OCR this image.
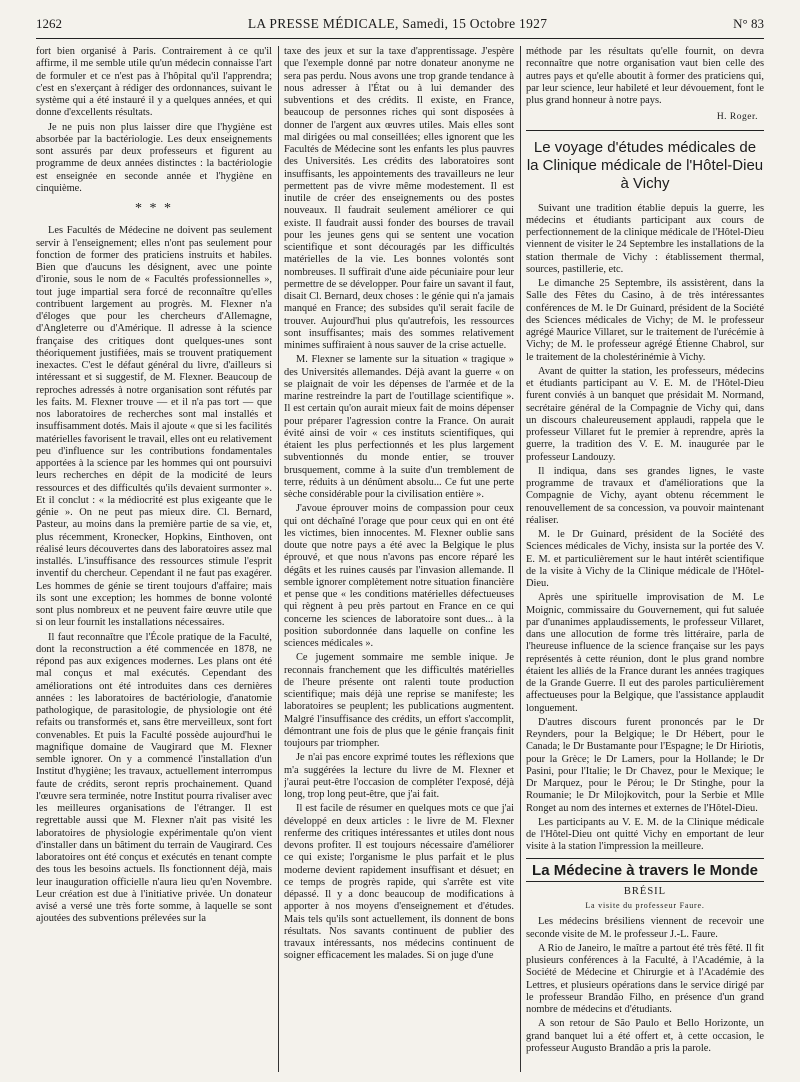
1262	LA PRESSE MÉDICALE, Samedi, 15 Octobre 1927	N° 83

fort bien organisé à Paris. Contrairement à ce qu'il affirme, il me semble utile qu'un médecin connaisse l'art de formuler et ce n'est pas à l'hôpital qu'il l'apprendra; c'est en s'exerçant à rédiger des ordonnances, suivant le système qui a été instauré il y a quelques années, et qui donne d'excellents résultats.

Je ne puis non plus laisser dire que l'hygiène est absorbée par la bactériologie. Les deux enseignements sont assurés par deux professeurs et figurent au programme de deux années distinctes : la bactériologie est enseignée en seconde année et l'hygiène en cinquième.

* * *

Les Facultés de Médecine ne doivent pas seulement servir à l'enseignement; elles n'ont pas seulement pour fonction de former des praticiens instruits et habiles. Bien que d'aucuns les désignent, avec une pointe d'ironie, sous le nom de « Facultés professionnelles », tout juge impartial sera forcé de reconnaître qu'elles contribuent largement au progrès. M. Flexner n'a d'éloges que pour les chercheurs d'Allemagne, d'Angleterre ou d'Amérique. Il adresse à la science française des critiques dont quelques-unes sont théoriquement justifiées, mais se trouvent pratiquement inexactes. C'est le défaut général du livre, d'ailleurs si intéressant et si suggestif, de M. Flexner. Beaucoup de reproches adressés à notre organisation sont réfutés par les faits. M. Flexner trouve — et il n'a pas tort — que nos laboratoires de recherches sont mal installés et insuffisamment dotés. Mais il ajoute « que si les facilités matérielles favorisent le travail, elles ont eu relativement peu d'influence sur les contributions fondamentales apportées à la science par les hommes qui ont poursuivi leurs recherches en dépit de la modicité de leurs ressources et des difficultés qu'ils devaient surmonter ». Et il conclut : « la médiocrité est plus exigeante que le génie ». On ne peut pas mieux dire. Cl. Bernard, Pasteur, au moins dans la première partie de sa vie, et, plus récemment, Kronecker, Hopkins, Einthoven, ont réalisé leurs découvertes dans des laboratoires assez mal installés. L'insuffisance des ressources stimule l'esprit inventif du chercheur. Cependant il ne faut pas exagérer. Les hommes de génie se tirent toujours d'affaire; mais ils sont une exception; les hommes de bonne volonté sont plus nombreux et ne peuvent faire œuvre utile que si on leur fournit les installations nécessaires.

Il faut reconnaître que l'École pratique de la Faculté, dont la reconstruction a été commencée en 1878, ne répond pas aux exigences modernes. Les plans ont été mal conçus et mal exécutés. Cependant des améliorations ont été introduites dans ces dernières années : les laboratoires de bactériologie, d'anatomie pathologique, de parasitologie, de physiologie ont été refaits ou transformés et, sans être merveilleux, sont fort convenables. Et puis la Faculté possède aujourd'hui le magnifique domaine de Vaugirard que M. Flexner semble ignorer. On y a commencé l'installation d'un Institut d'hygiène; les travaux, actuellement interrompus faute de crédits, seront repris prochainement. Quand l'œuvre sera terminée, notre Institut pourra rivaliser avec les meilleures organisations de l'étranger. Il est regrettable aussi que M. Flexner n'ait pas visité les laboratoires de physiologie expérimentale qu'on vient d'installer dans un bâtiment du terrain de Vaugirard. Ces laboratoires ont été conçus et exécutés en tenant compte des tous les besoins actuels. Ils fonctionnent déjà, mais leur inauguration officielle n'aura lieu qu'en Novembre. Leur création est due à l'initiative privée. Un donateur avisé a versé une très forte somme, à laquelle se sont ajoutées des subventions prélevées sur la

taxe des jeux et sur la taxe d'apprentissage. J'espère que l'exemple donné par notre donateur anonyme ne sera pas perdu. Nous avons une trop grande tendance à nous adresser à l'État ou à lui demander des subventions et des crédits. Il existe, en France, beaucoup de personnes riches qui sont disposées à donner de l'argent aux œuvres utiles. Mais elles sont mal dirigées ou mal conseillées; elles ignorent que les Facultés de Médecine sont les enfants les plus pauvres des Universités. Les crédits des laboratoires sont insuffisants, les appointements des travailleurs ne leur permettent pas de vivre même modestement. Il est inutile de créer des enseignements ou des postes nouveaux. Il faudrait seulement améliorer ce qui existe. Il faudrait aussi fonder des bourses de travail pour les jeunes gens qui se sentent une vocation scientifique et sont découragés par les difficultés matérielles de la vie. Les bonnes volontés sont nombreuses. Il suffirait d'une aide pécuniaire pour leur permettre de se développer. Pour faire un savant il faut, disait Cl. Bernard, deux choses : le génie qui n'a jamais manqué en France; des subsides qu'il serait facile de trouver. Aujourd'hui plus qu'autrefois, les ressources sont insuffisantes; mais des sommes relativement minimes suffiraient à nous sauver de la crise actuelle.

M. Flexner se lamente sur la situation « tragique » des Universités allemandes. Déjà avant la guerre « on se plaignait de voir les dépenses de l'armée et de la marine restreindre la part de l'outillage scientifique ». Il est certain qu'on aurait mieux fait de moins dépenser pour préparer l'agression contre la France. On aurait évité ainsi de voir « ces instituts scientifiques, qui étaient les plus perfectionnés et les plus largement subventionnés du monde entier, se trouver brusquement, comme à la suite d'un tremblement de terre, réduits à un dénûment absolu... Ce fut une perte sèche considérable pour la civilisation entière ».

J'avoue éprouver moins de compassion pour ceux qui ont déchaîné l'orage que pour ceux qui en ont été les victimes, bien innocentes. M. Flexner oublie sans doute que notre pays a été avec la Belgique le plus éprouvé, et que nous n'avons pas encore réparé les dégâts et les ruines causés par l'invasion allemande. Il semble ignorer complètement notre situation financière et pense que « les conditions matérielles défectueuses qui règnent à peu près partout en France en ce qui concerne les sciences de laboratoire sont dues... à la position subordonnée dans laquelle on confine les sciences médicales ».

Ce jugement sommaire me semble inique. Je reconnais franchement que les difficultés matérielles de l'heure présente ont ralenti toute production scientifique; mais déjà une reprise se manifeste; les laboratoires se peuplent; les publications augmentent. Malgré l'insuffisance des crédits, un effort s'accomplit, démontrant une fois de plus que le génie français finit toujours par triompher.

Je n'ai pas encore exprimé toutes les réflexions que m'a suggérées la lecture du livre de M. Flexner et j'aurai peut-être l'occasion de compléter l'exposé, déjà long, trop long peut-être, que j'ai fait.

Il est facile de résumer en quelques mots ce que j'ai développé en deux articles : le livre de M. Flexner renferme des critiques intéressantes et utiles dont nous devons profiter. Il est toujours nécessaire d'améliorer ce qui existe; l'organisme le plus parfait et le plus moderne devient rapidement insuffisant et désuet; en ce temps de progrès rapide, qui s'arrête est vite dépassé. Il y a donc beaucoup de modifications à apporter à nos moyens d'enseignement et d'études. Mais tels qu'ils sont actuellement, ils donnent de bons résultats. Nos savants continuent de publier des travaux intéressants, nos médecins continuent de soigner efficacement les malades. Si on juge d'une

méthode par les résultats qu'elle fournit, on devra reconnaître que notre organisation vaut bien celle des autres pays et qu'elle aboutit à former des praticiens qui, par leur science, leur habileté et leur dévouement, font le plus grand honneur à notre pays.

H. Roger.
Le voyage d'études médicales de la Clinique médicale de l'Hôtel-Dieu à Vichy

Suivant une tradition établie depuis la guerre, les médecins et étudiants participant aux cours de perfectionnement de la clinique médicale de l'Hôtel-Dieu viennent de visiter le 24 Septembre les installations de la station thermale de Vichy : établissement thermal, sources, pastillerie, etc.

Le dimanche 25 Septembre, ils assistèrent, dans la Salle des Fêtes du Casino, à de très intéressantes conférences de M. le Dr Guinard, président de la Société des Sciences médicales de Vichy; de M. le professeur agrégé Maurice Villaret, sur le traitement de l'urécémie à Vichy; de M. le professeur agrégé Étienne Chabrol, sur le traitement de la cholestérinémie à Vichy.

Avant de quitter la station, les professeurs, médecins et étudiants participant au V. E. M. de l'Hôtel-Dieu furent conviés à un banquet que présidait M. Normand, secrétaire général de la Compagnie de Vichy qui, dans un discours chaleureusement applaudi, rappela que le professeur Villaret fut le premier à reprendre, après la guerre, la tradition des V. E. M. inaugurée par le professeur Landouzy.

Il indiqua, dans ses grandes lignes, le vaste programme de travaux et d'améliorations que la Compagnie de Vichy, ayant obtenu récemment le renouvellement de sa concession, va pouvoir maintenant réaliser.

M. le Dr Guinard, président de la Société des Sciences médicales de Vichy, insista sur la portée des V. E. M. et particulièrement sur le haut intérêt scientifique de la visite à Vichy de la Clinique médicale de l'Hôtel-Dieu.

Après une spirituelle improvisation de M. Le Moignic, commissaire du Gouvernement, qui fut saluée par d'unanimes applaudissements, le professeur Villaret, dans une allocution de forme très littéraire, parla de l'heureuse influence de la science française sur les pays représentés à cette réunion, dont le plus grand nombre étaient les alliés de la France durant les années tragiques de la Grande Guerre. Il eut des paroles particulièrement affectueuses pour la Belgique, que l'assistance applaudit longuement.

D'autres discours furent prononcés par le Dr Reynders, pour la Belgique; le Dr Hébert, pour le Canada; le Dr Bustamante pour l'Espagne; le Dr Hiriotis, pour la Grèce; le Dr Lamers, pour la Hollande; le Dr Pasini, pour l'Italie; le Dr Chavez, pour le Mexique; le Dr Marquez, pour le Pérou; le Dr Stinghe, pour la Roumanie; le Dr Milojkovitch, pour la Serbie et Mlle Ronget au nom des internes et externes de l'Hôtel-Dieu.

Les participants au V. E. M. de la Clinique médicale de l'Hôtel-Dieu ont quitté Vichy en emportant de leur visite à la station l'impression la meilleure.

La Médecine à travers le Monde
BRÉSIL
La visite du professeur Faure.

Les médecins brésiliens viennent de recevoir une seconde visite de M. le professeur J.-L. Faure.

A Rio de Janeiro, le maître a partout été très fêté. Il fit plusieurs conférences à la Faculté, à l'Académie, à la Société de Médecine et Chirurgie et à l'Académie des Lettres, et plusieurs opérations dans le service dirigé par le professeur Brandão Filho, en présence d'un grand nombre de médecins et d'étudiants.

A son retour de São Paulo et Bello Horizonte, un grand banquet lui a été offert et, à cette occasion, le professeur Augusto Brandão a pris la parole.
